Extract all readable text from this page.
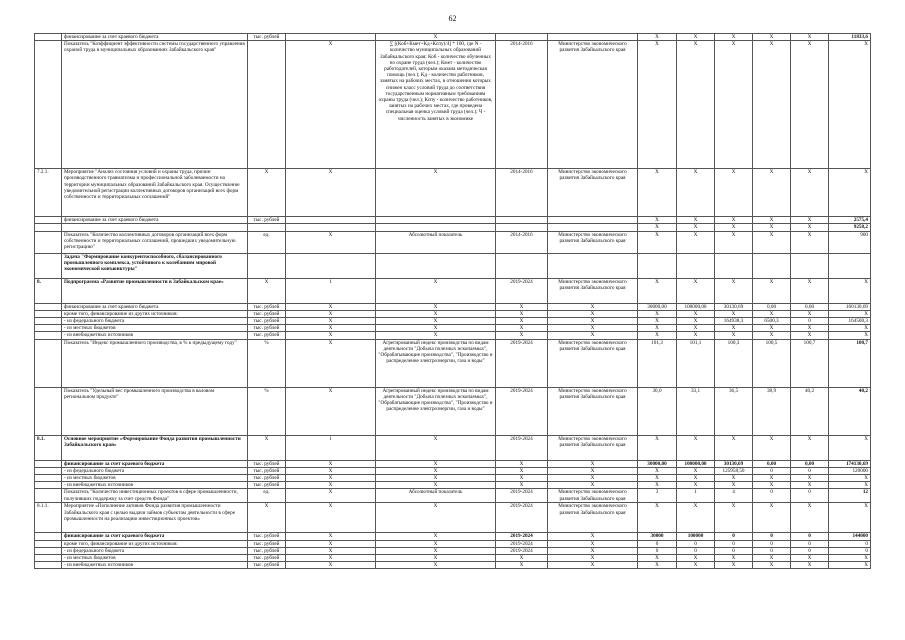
62
	финансирование за счет краевого бюджета	тыс. рублей		Х			Х	Х	Х	Х	Х	11833,6
	Показатель "Коэффициент эффективности системы государственного управления охраной труда в муниципальных образованиях Забайкальского края"		Х	∑ [(Коб+Кмет+Кд+Кспу)/4] * 100, где N - количество муниципальных образований Забайкальского края; Коб - количество обученных по охране труда (чел.); Кмет - количество работодателей, которым оказана методическая помощь (чел.); Кд - количество работников, занятых на рабочих местах, в отношении которых снижен класс условий труда до соответствия государственным нормативным требованиям охраны труда (чел.); Кспу - количество работников, занятых на рабочих местах, где проведена специальная оценка условий труда (чел.); Ч - численность занятых в экономике	2014-2016	Министерство экономического развития Забайкальского края	Х	Х	Х	Х	Х	Х
7.2.1.	Мероприятие "Анализ состояния условий и охраны труда, причин производственного травматизма и профессиональной заболеваемости на территории муниципальных образований Забайкальского края. Осуществление уведомительной регистрации коллективных договоров организаций всех форм собственности и территориальных соглашений"	Х	Х	Х	2014-2016	Министерство экономического развития Забайкальского края	Х	Х	Х	Х	Х	Х
	финансирование за счет краевого бюджета	тыс. рублей					Х	Х	Х	Х	Х	2575,4
							Х	Х	Х	Х	Х	9258,2
	Показатель "Количество коллективных договоров организаций всех форм собственности и территориальных соглашений, прошедших уведомительную регистрацию"	ед.	Х	Абсолютный показатель	2014-2016	Министерство экономического развития Забайкальского края	Х	Х	Х	Х	Х	900
	Задача "Формирование конкурентоспособного, сбалансированного промышленного комплекса, устойчивого к колебаниям мировой экономической конъюнктуры"											
8.	Подпрограмма «Развитие промышленности в Забайкальском крае»	Х	1	Х	2019-2024	Министерство экономического развития Забайкальского края	Х	Х	Х	Х	Х	Х
	финансирование за счет краевого бюджета	тыс. рублей	Х	Х	Х	Х	30000,00	100000,00	30130,69	0,00	0,00	160130,69
	кроме того, финансирование из других источников:	тыс. рублей	Х	Х	Х	Х	Х	Х	Х	Х	Х	Х
	- из федерального бюджета	тыс. рублей	Х	Х	Х	Х	Х	Х	164938,3	6500,3	0	164500,3
	- из местных бюджетов	тыс. рублей	Х	Х	Х	Х	Х	Х	Х	Х	Х	Х
	- из внебюджетных источников	тыс. рублей	Х	Х	Х	Х	Х	Х	Х	Х	Х	Х
	Показатель "Индекс промышленного производства, в % к предыдущему году"	%	Х	Агрегированный индекс производства по видам деятельности "Добыча полезных ископаемых", "Обрабатывающие производства", "Производство и распределение электроэнергии, газа и воды"	2019-2024	Министерство экономического развития Забайкальского края	101,3	101,1	100,3	100,5	100,7	100,7
	Показатель "Удельный вес промышленного производства в валовом региональном продукте"	%	Х	Агрегированный индекс производства по видам деятельности "Добыча полезных ископаемых", "Обрабатывающие производства", "Производство и распределение электроэнергии, газа и воды"	2019-2024	Министерство экономического развития Забайкальского края	30,0	33,1	36,5	38,9	40,2	40,2
8.1.	Основное мероприятие «Формирование Фонда развития промышленности Забайкальского края»	Х	1	Х	2019-2024	Министерство экономического развития Забайкальского края	Х	Х	Х	Х	Х	Х
	финансирование за счет краевого бюджета	тыс. рублей	Х	Х	Х	Х	30000,00	100000,00	30130,69	0,00	0,00	174130,69
	- из федерального бюджета	тыс. рублей	Х	Х	Х	Х	Х	Х	125958,50	0	0	120000
	- из местных бюджетов	тыс. рублей	Х	Х	Х	Х	Х	Х	Х	Х	Х	Х
	- из внебюджетных источников	тыс. рублей	Х	Х	Х	Х	Х	Х	Х	Х	Х	Х
	Показатель "Количество инвестиционных проектов в сфере промышленности, получивших поддержку за счет средств Фонда"	ед.	Х	Абсолютный показатель	2019-2024	Министерство экономического развития Забайкальского края	3	1	4	0	0	12
8.1.1.	Мероприятие «Пополнение активов Фонда развития промышленности Забайкальского края с целью выдачи займов субъектам деятельности в сфере промышленности на реализацию инвестиционных проектов»	Х	Х	Х	2019-2024	Министерство экономического развития Забайкальского края	Х	Х	Х	Х	Х	Х
	финансирование за счет краевого бюджета	тыс. рублей	Х	Х	2019-2024	Х	30000	100000	0	0	0	144000
	кроме того, финансирование из других источников:	тыс. рублей	Х	Х	2019-2024	Х	0	0	0	0	0	0
	- из федерального бюджета	тыс. рублей	Х	Х	2019-2024	Х	0	0	0	0	0	0
	- из местных бюджетов	тыс. рублей	Х	Х	Х	Х	Х	Х	Х	Х	Х	Х
	- из внебюджетных источников	тыс. рублей	Х	Х	Х	Х	Х	Х	Х	Х	Х	Х
